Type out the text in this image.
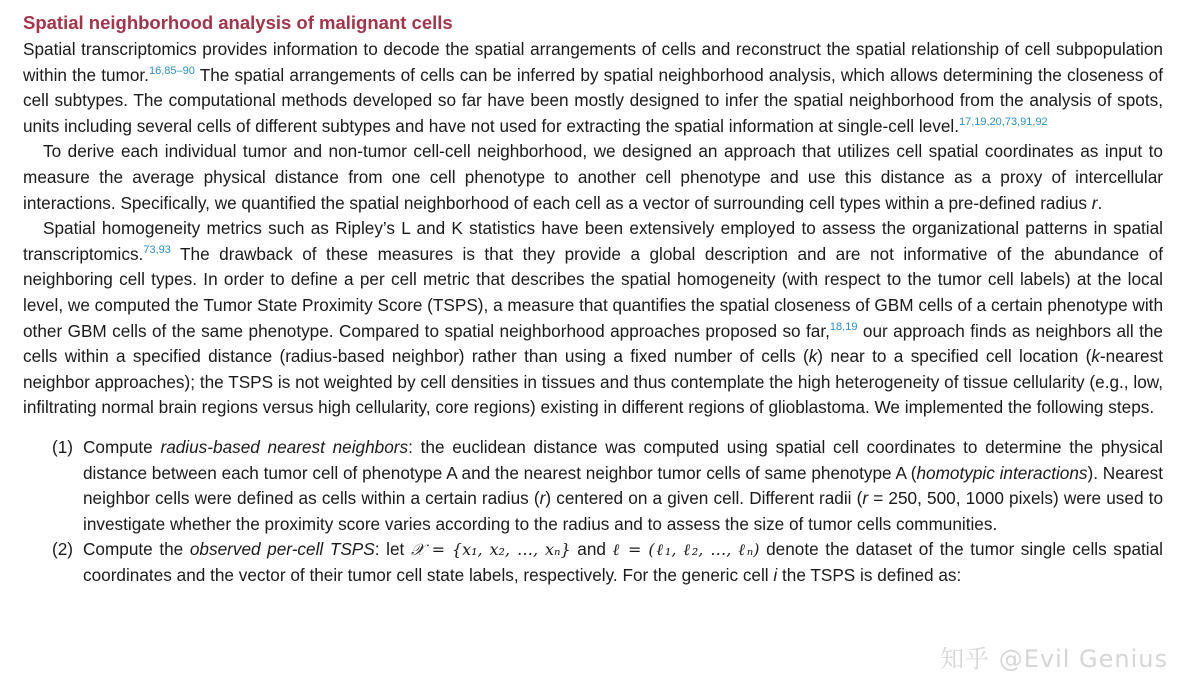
Spatial neighborhood analysis of malignant cells

Spatial transcriptomics provides information to decode the spatial arrangements of cells and reconstruct the spatial relationship of cell subpopulation within the tumor.$^{16,85-90}$ The spatial arrangements of cells can be inferred by spatial neighborhood analysis, which allows determining the closeness of cell subtypes. The computational methods developed so far have been mostly designed to infer the spatial neighborhood from the analysis of spots, units including several cells of different subtypes and have not used for extracting the spatial information at single-cell level.$^{17,19,20,73,91,92}$

To derive each individual tumor and non-tumor cell-cell neighborhood, we designed an approach that utilizes cell spatial coordinates as input to measure the average physical distance from one cell phenotype to another cell phenotype and use this distance as a proxy of intercellular interactions. Specifically, we quantified the spatial neighborhood of each cell as a vector of surrounding cell types within a pre-defined radius r.

Spatial homogeneity metrics such as Ripley’s L and K statistics have been extensively employed to assess the organizational patterns in spatial transcriptomics.$^{73,93}$ The drawback of these measures is that they provide a global description and are not informative of the abundance of neighboring cell types. In order to define a per cell metric that describes the spatial homogeneity (with respect to the tumor cell labels) at the local level, we computed the Tumor State Proximity Score (TSPS), a measure that quantifies the spatial closeness of GBM cells of a certain phenotype with other GBM cells of the same phenotype. Compared to spatial neighborhood approaches proposed so far,$^{18,19}$ our approach finds as neighbors all the cells within a specified distance (radius-based neighbor) rather than using a fixed number of cells (k) near to a specified cell location (k-nearest neighbor approaches); the TSPS is not weighted by cell densities in tissues and thus contemplate the high heterogeneity of tissue cellularity (e.g., low, infiltrating normal brain regions versus high cellularity, core regions) existing in different regions of glioblastoma. We implemented the following steps.

(1) Compute radius-based nearest neighbors: the euclidean distance was computed using spatial cell coordinates to determine the physical distance between each tumor cell of phenotype A and the nearest neighbor tumor cells of same phenotype A (homotypic interactions). Nearest neighbor cells were defined as cells within a certain radius (r) centered on a given cell. Different radii (r = 250, 500, 1000 pixels) were used to investigate whether the proximity score varies according to the radius and to assess the size of tumor cells communities.
(2) Compute the observed per-cell TSPS: let 𝒳 = {x₁, x₂, …, xₙ} and ℓ = (ℓ₁, ℓ₂, …, ℓₙ) denote the dataset of the tumor single cells spatial coordinates and the vector of their tumor cell state labels, respectively. For the generic cell i the TSPS is defined as:
知乎 @Evil Genius
